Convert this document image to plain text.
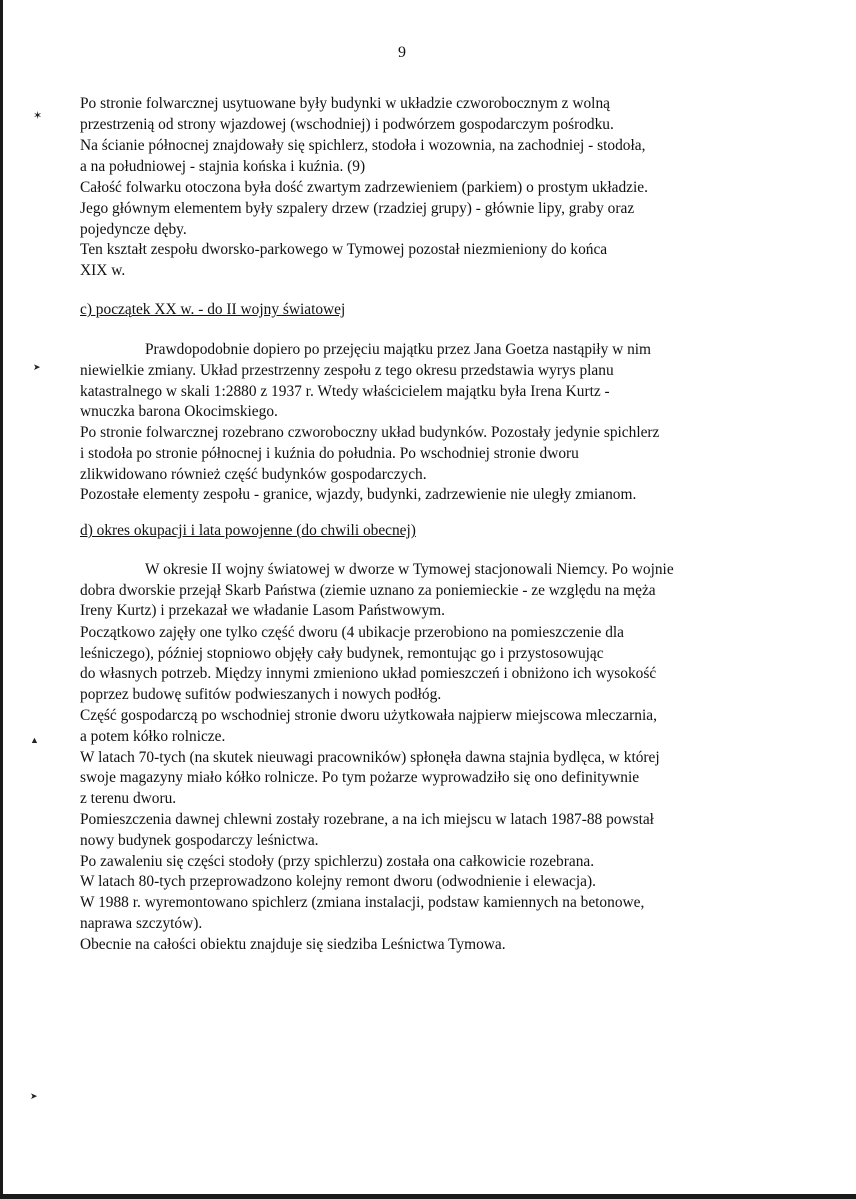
9
✶
➤
▲
➤
Po stronie folwarcznej usytuowane były budynki w układzie czworobocznym z wolną
przestrzenią od strony wjazdowej (wschodniej) i podwórzem gospodarczym pośrodku.
Na ścianie północnej znajdowały się spichlerz, stodoła i wozownia, na zachodniej - stodoła,
a na południowej - stajnia końska i kuźnia. (9)
Całość folwarku otoczona była dość zwartym zadrzewieniem (parkiem) o prostym układzie.
Jego głównym elementem były szpalery drzew (rzadziej grupy) - głównie lipy, graby oraz
pojedyncze dęby.
Ten kształt zespołu dworsko-parkowego w Tymowej pozostał niezmieniony do końca
XIX w.
c) początek XX w. - do II wojny światowej
Prawdopodobnie dopiero po przejęciu majątku przez Jana Goetza nastąpiły w nim
niewielkie zmiany. Układ przestrzenny zespołu z tego okresu przedstawia wyrys planu
katastralnego w skali 1:2880 z 1937 r. Wtedy właścicielem majątku była Irena Kurtz -
wnuczka barona Okocimskiego.
Po stronie folwarcznej rozebrano czworoboczny układ budynków. Pozostały jedynie spichlerz
i stodoła po stronie północnej i kuźnia do południa. Po wschodniej stronie dworu
zlikwidowano również część budynków gospodarczych.
Pozostałe elementy zespołu - granice, wjazdy, budynki, zadrzewienie nie uległy zmianom.
d) okres okupacji i lata powojenne (do chwili obecnej)
W okresie II wojny światowej w dworze w Tymowej stacjonowali Niemcy. Po wojnie
dobra dworskie przejął Skarb Państwa (ziemie uznano za poniemieckie - ze względu na męża
Ireny Kurtz) i przekazał we władanie Lasom Państwowym.
Początkowo zajęły one tylko część dworu (4 ubikacje przerobiono na pomieszczenie dla
leśniczego), później stopniowo objęły cały budynek, remontując go i przystosowując
do własnych potrzeb. Między innymi zmieniono układ pomieszczeń i obniżono ich wysokość
poprzez budowę sufitów podwieszanych i nowych podłóg.
Część gospodarczą po wschodniej stronie dworu użytkowała najpierw miejscowa mleczarnia,
a potem kółko rolnicze.
W latach 70-tych (na skutek nieuwagi pracowników) spłonęła dawna stajnia bydlęca, w której
swoje magazyny miało kółko rolnicze. Po tym pożarze wyprowadziło się ono definitywnie
z terenu dworu.
Pomieszczenia dawnej chlewni zostały rozebrane, a na ich miejscu w latach 1987-88 powstał
nowy budynek gospodarczy leśnictwa.
Po zawaleniu się części stodoły (przy spichlerzu) została ona całkowicie rozebrana.
W latach 80-tych przeprowadzono kolejny remont dworu (odwodnienie i elewacja).
W 1988 r. wyremontowano spichlerz (zmiana instalacji, podstaw kamiennych na betonowe,
naprawa szczytów).
Obecnie na całości obiektu znajduje się siedziba Leśnictwa Tymowa.
